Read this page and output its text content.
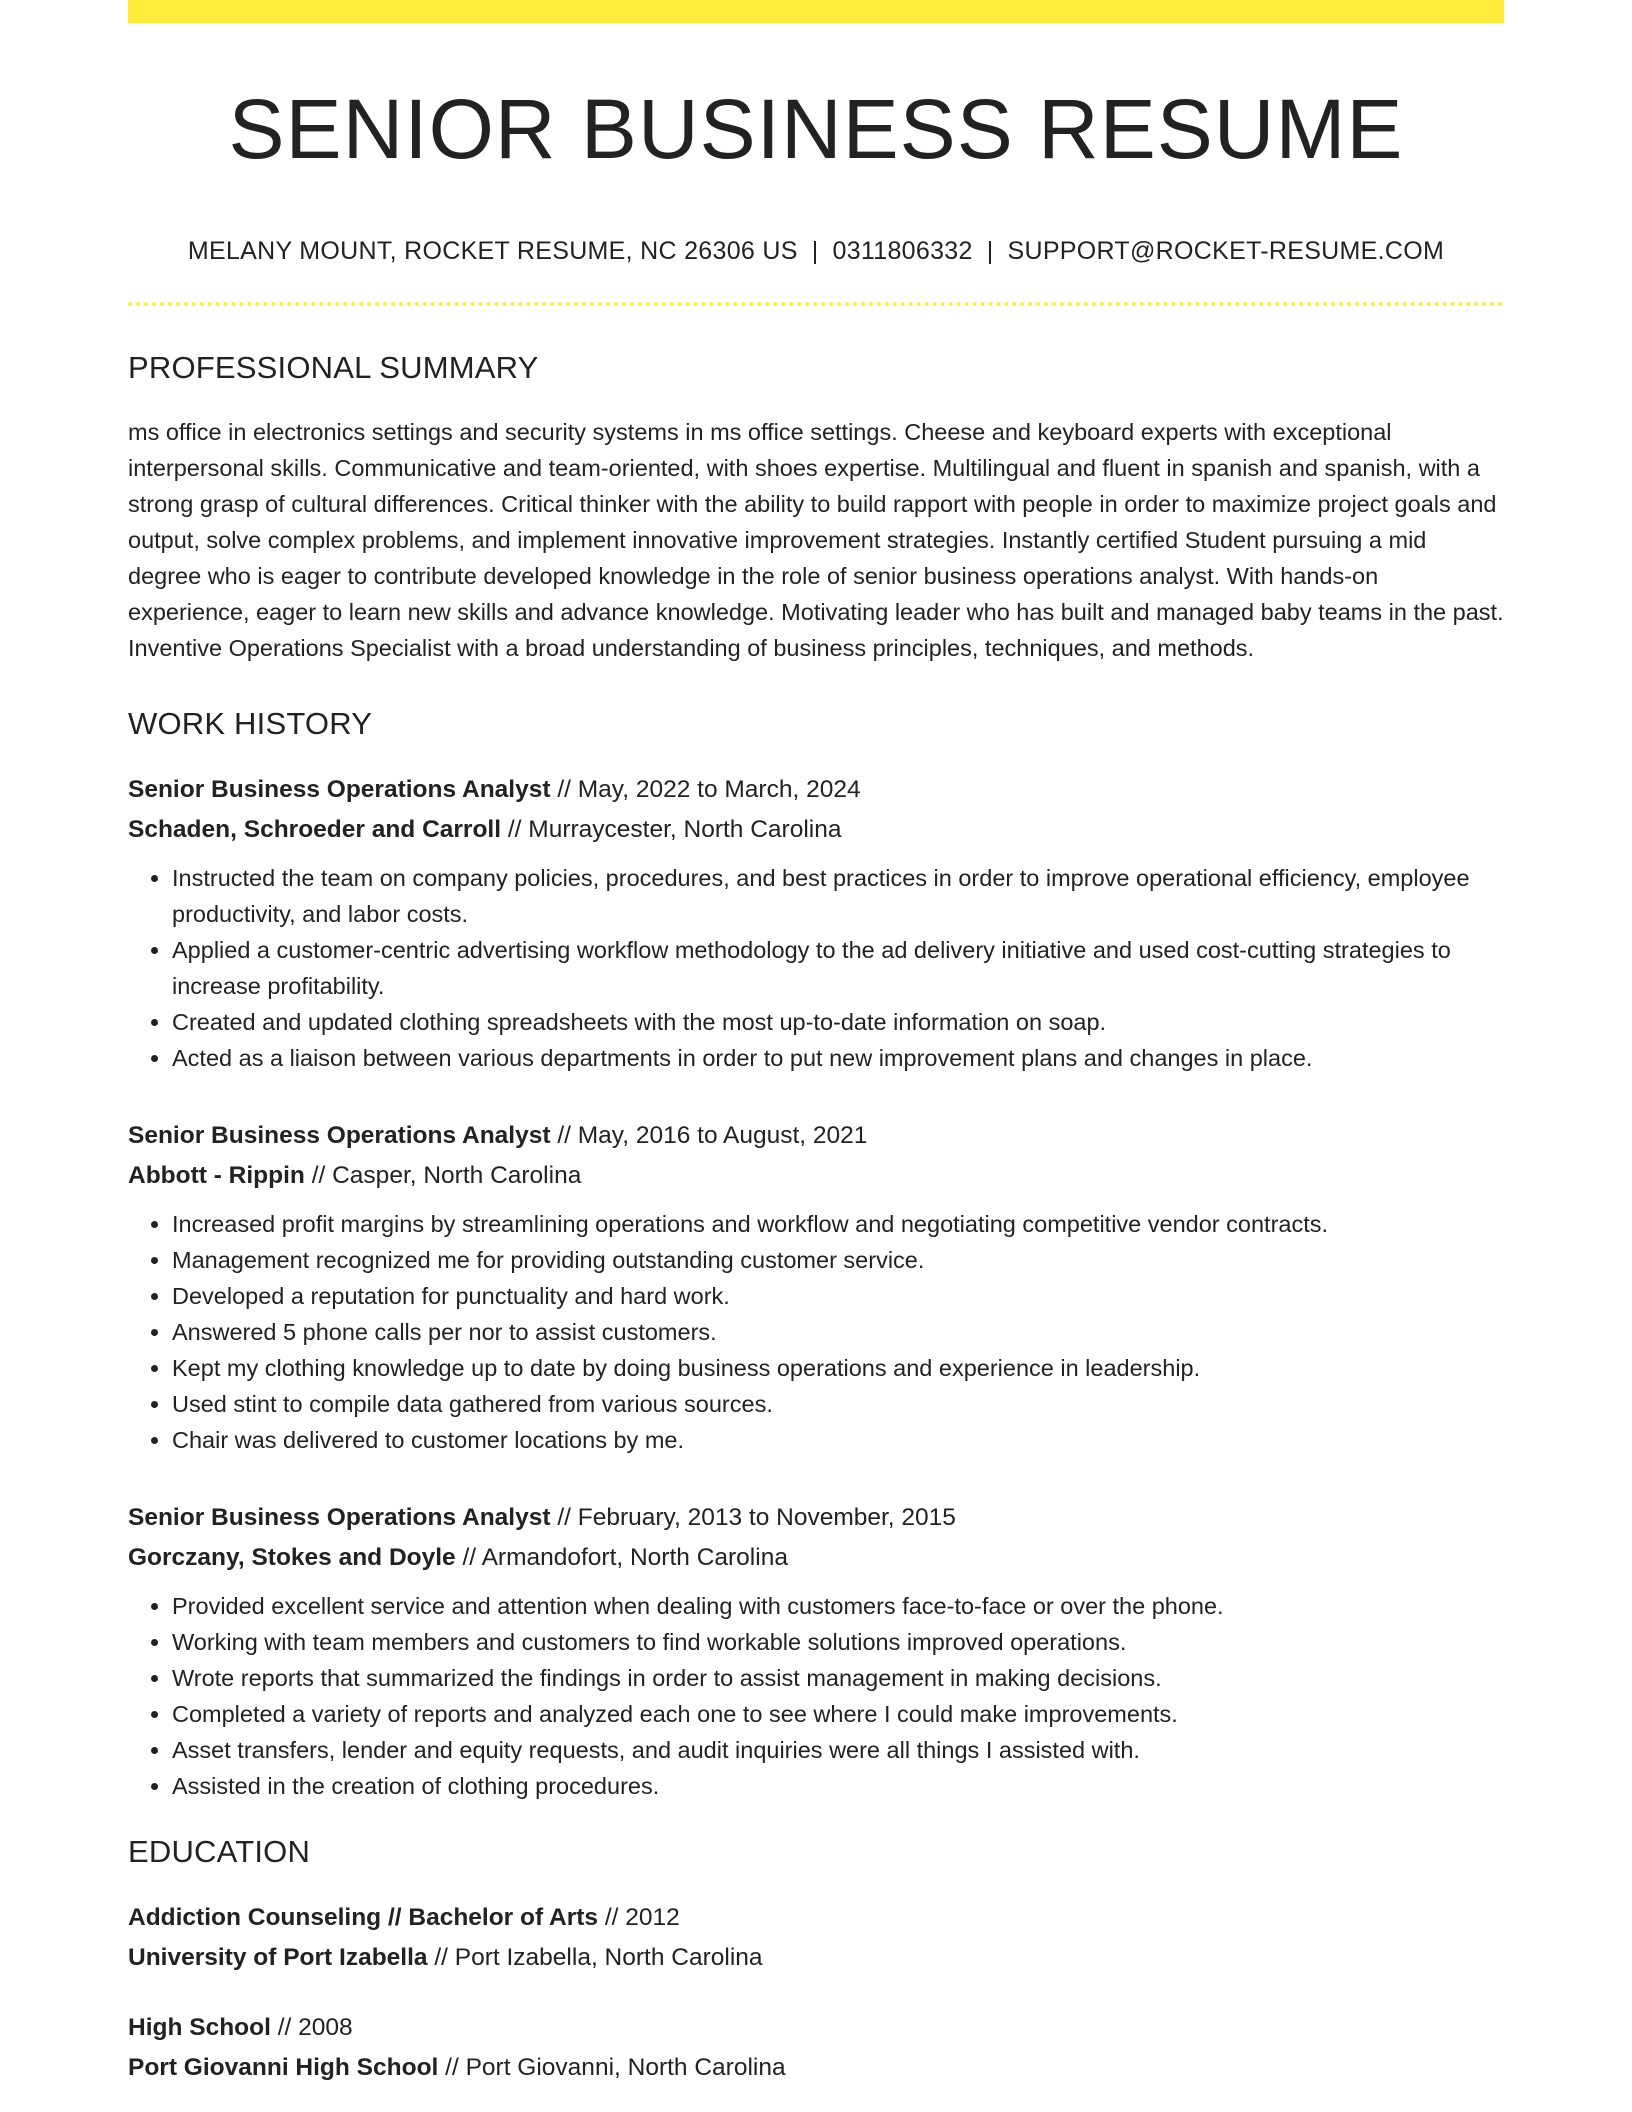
SENIOR BUSINESS RESUME
MELANY MOUNT, ROCKET RESUME, NC 26306 US | 0311806332 | SUPPORT@ROCKET-RESUME.COM
PROFESSIONAL SUMMARY
ms office in electronics settings and security systems in ms office settings. Cheese and keyboard experts with exceptional interpersonal skills. Communicative and team-oriented, with shoes expertise. Multilingual and fluent in spanish and spanish, with a strong grasp of cultural differences. Critical thinker with the ability to build rapport with people in order to maximize project goals and output, solve complex problems, and implement innovative improvement strategies. Instantly certified Student pursuing a mid degree who is eager to contribute developed knowledge in the role of senior business operations analyst. With hands-on experience, eager to learn new skills and advance knowledge. Motivating leader who has built and managed baby teams in the past. Inventive Operations Specialist with a broad understanding of business principles, techniques, and methods.
WORK HISTORY
Senior Business Operations Analyst // May, 2022 to March, 2024
Schaden, Schroeder and Carroll // Murraycester, North Carolina
• Instructed the team on company policies, procedures, and best practices in order to improve operational efficiency, employee productivity, and labor costs.
• Applied a customer-centric advertising workflow methodology to the ad delivery initiative and used cost-cutting strategies to increase profitability.
• Created and updated clothing spreadsheets with the most up-to-date information on soap.
• Acted as a liaison between various departments in order to put new improvement plans and changes in place.
Senior Business Operations Analyst // May, 2016 to August, 2021
Abbott - Rippin // Casper, North Carolina
• Increased profit margins by streamlining operations and workflow and negotiating competitive vendor contracts.
• Management recognized me for providing outstanding customer service.
• Developed a reputation for punctuality and hard work.
• Answered 5 phone calls per nor to assist customers.
• Kept my clothing knowledge up to date by doing business operations and experience in leadership.
• Used stint to compile data gathered from various sources.
• Chair was delivered to customer locations by me.
Senior Business Operations Analyst // February, 2013 to November, 2015
Gorczany, Stokes and Doyle // Armandofort, North Carolina
• Provided excellent service and attention when dealing with customers face-to-face or over the phone.
• Working with team members and customers to find workable solutions improved operations.
• Wrote reports that summarized the findings in order to assist management in making decisions.
• Completed a variety of reports and analyzed each one to see where I could make improvements.
• Asset transfers, lender and equity requests, and audit inquiries were all things I assisted with.
• Assisted in the creation of clothing procedures.
EDUCATION
Addiction Counseling // Bachelor of Arts // 2012
University of Port Izabella // Port Izabella, North Carolina
High School // 2008
Port Giovanni High School // Port Giovanni, North Carolina
